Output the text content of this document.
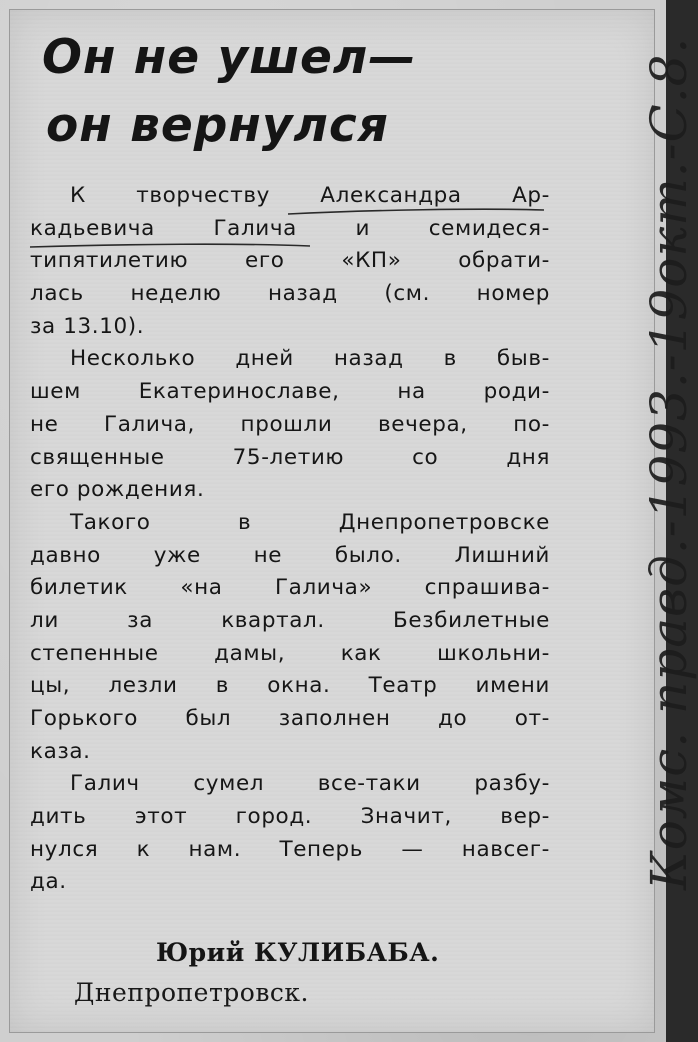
Он не ушел—
он вернулся
К творчеству Александра Ар-
кадьевича Галича и семидеся-
типятилетию его «КП» обрати-
лась неделю назад (см. номер
за 13.10).
Несколько дней назад в быв-
шем Екатеринославе, на роди-
не Галича, прошли вечера, по-
священные 75-летию со дня
его рождения.
Такого в Днепропетровске
давно уже не было. Лишний
билетик «на Галича» спрашива-
ли за квартал. Безбилетные
степенные дамы, как школьни-
цы, лезли в окна. Театр имени
Горького был заполнен до от-
каза.
Галич сумел все-таки разбу-
дить этот город. Значит, вер-
нулся к нам. Теперь — навсег-
да.
Юрий КУЛИБАБА.
Днепропетровск.
Комс. правд.-1993.-19окт.-С.8.
